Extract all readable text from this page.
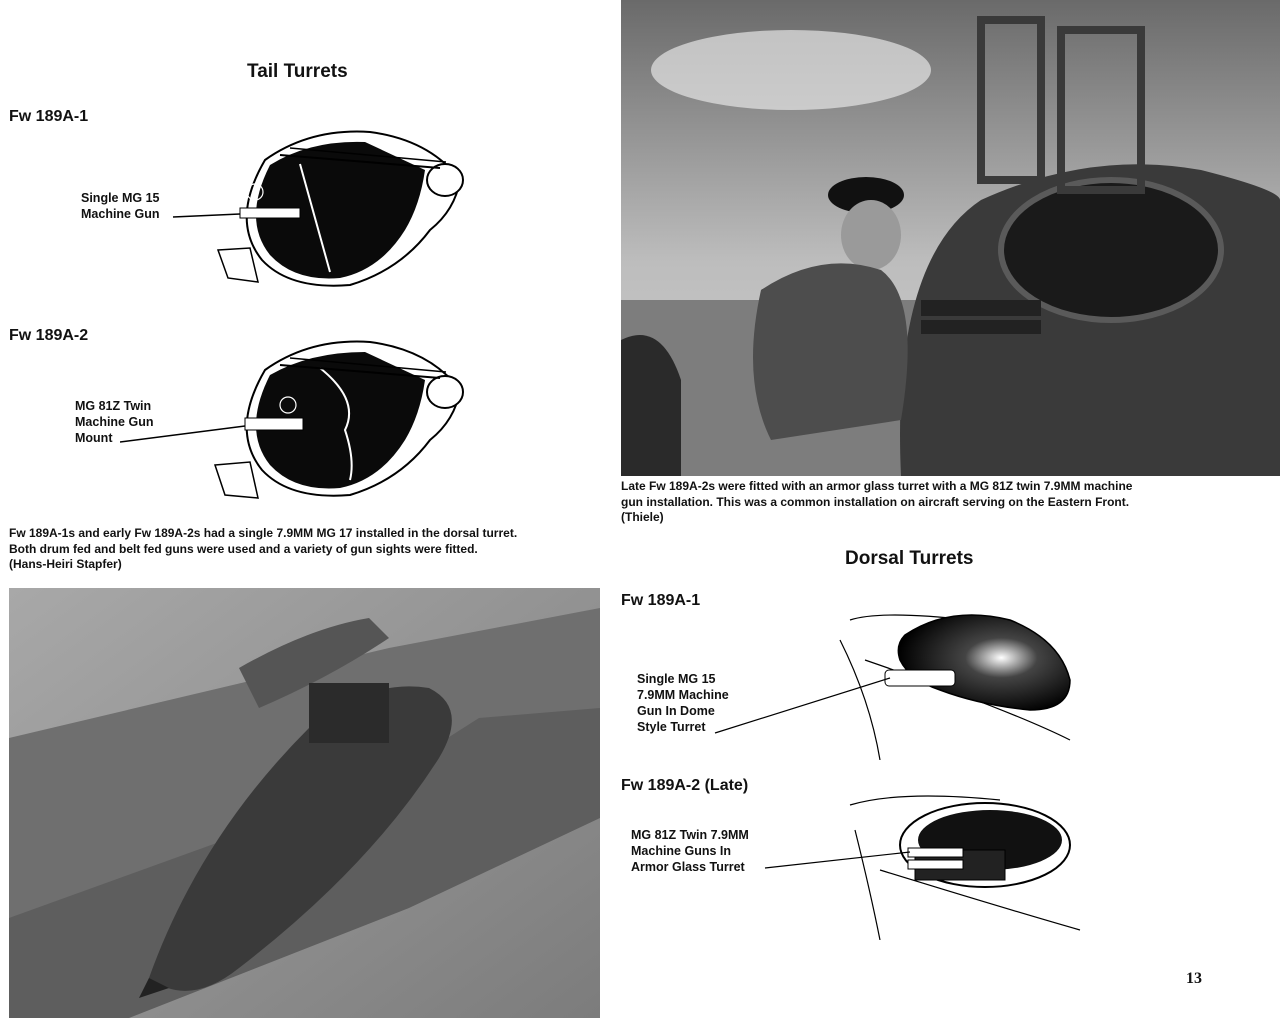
Tail Turrets
Fw 189A-1
Single MG 15
Machine Gun
Fw 189A-2
MG 81Z Twin
Machine Gun
Mount
Fw 189A-1s and early Fw 189A-2s had a single 7.9MM MG 17 installed in the dorsal turret.
Both drum fed and belt fed guns were used and a variety of gun sights were fitted.
(Hans-Heiri Stapfer)
Late Fw 189A-2s were fitted with an armor glass turret with a MG 81Z twin 7.9MM machine
gun installation. This was a common installation on aircraft serving on the Eastern Front.
(Thiele)
Dorsal Turrets
Fw 189A-1
Single MG 15
7.9MM Machine
Gun In Dome
Style Turret
Fw 189A-2 (Late)
MG 81Z Twin 7.9MM
Machine Guns In
Armor Glass Turret
13
